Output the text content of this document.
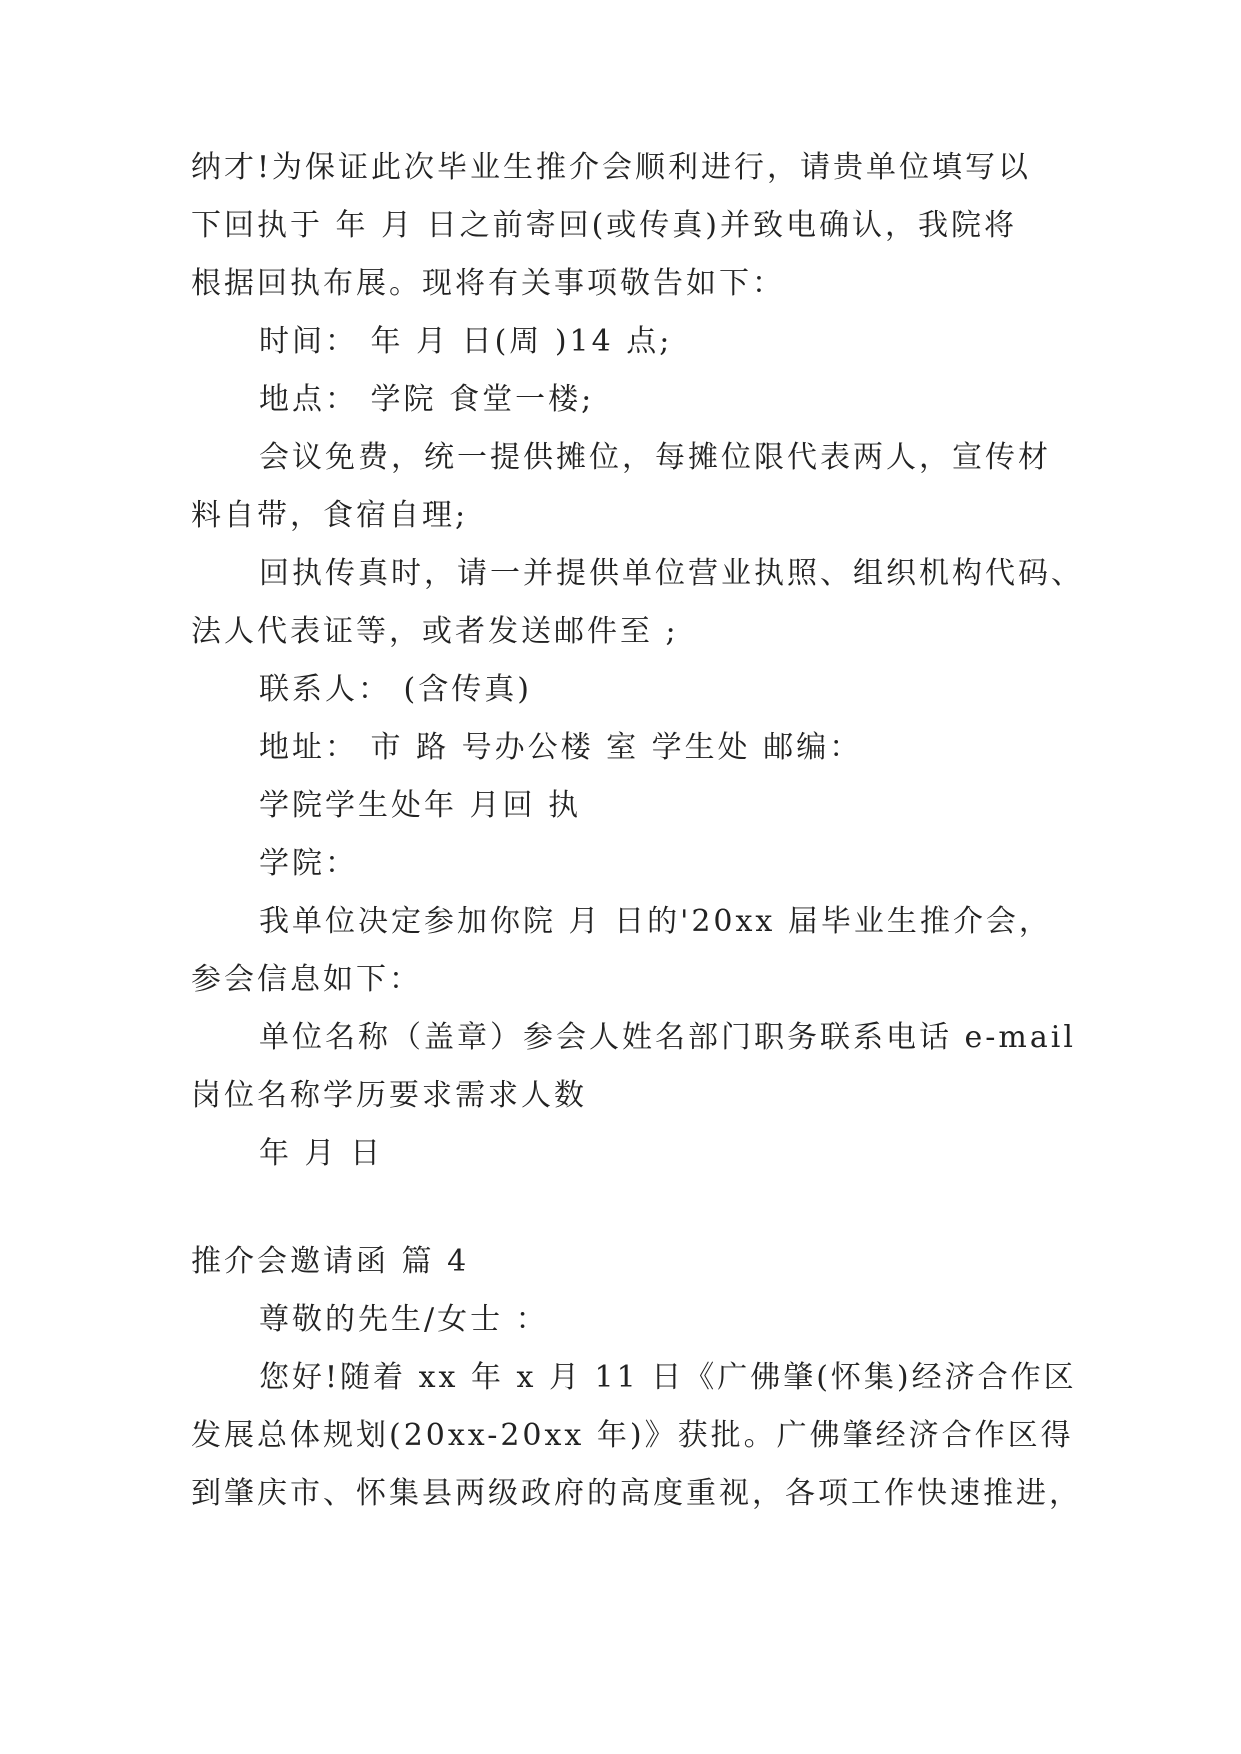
纳才!为保证此次毕业生推介会顺利进行，请贵单位填写以
下回执于 年 月 日之前寄回(或传真)并致电确认，我院将
根据回执布展。现将有关事项敬告如下：
时间： 年 月 日(周 )14 点;
地点： 学院 食堂一楼;
会议免费，统一提供摊位，每摊位限代表两人，宣传材
料自带，食宿自理;
回执传真时，请一并提供单位营业执照、组织机构代码、
法人代表证等，或者发送邮件至 ;
联系人： (含传真)
地址： 市 路 号办公楼 室 学生处 邮编：
学院学生处年 月回 执
学院：
我单位决定参加你院 月 日的'20xx 届毕业生推介会，
参会信息如下：
单位名称（盖章）参会人姓名部门职务联系电话 e-mail
岗位名称学历要求需求人数
年 月 日
推介会邀请函 篇 4
尊敬的先生/女士 ：
您好!随着 xx 年 x 月 11 日《广佛肇(怀集)经济合作区
发展总体规划(20xx-20xx 年)》获批。广佛肇经济合作区得
到肇庆市、怀集县两级政府的高度重视，各项工作快速推进，
